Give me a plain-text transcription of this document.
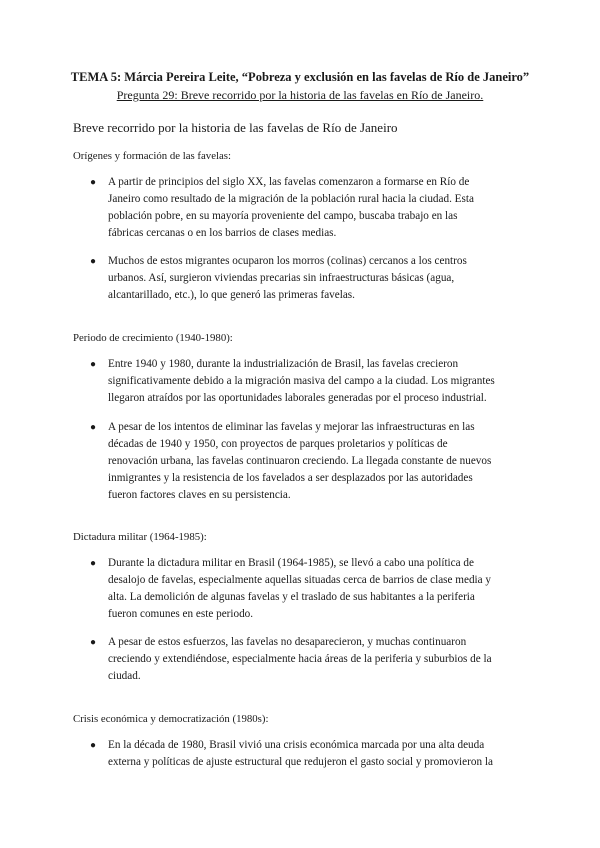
TEMA 5: Márcia Pereira Leite, “Pobreza y exclusión en las favelas de Río de Janeiro”
Pregunta 29: Breve recorrido por la historia de las favelas en Río de Janeiro.
Breve recorrido por la historia de las favelas de Río de Janeiro
Orígenes y formación de las favelas:
● A partir de principios del siglo XX, las favelas comenzaron a formarse en Río de
Janeiro como resultado de la migración de la población rural hacia la ciudad. Esta
población pobre, en su mayoría proveniente del campo, buscaba trabajo en las
fábricas cercanas o en los barrios de clases medias.
● Muchos de estos migrantes ocuparon los morros (colinas) cercanos a los centros
urbanos. Así, surgieron viviendas precarias sin infraestructuras básicas (agua,
alcantarillado, etc.), lo que generó las primeras favelas.
Periodo de crecimiento (1940-1980):
● Entre 1940 y 1980, durante la industrialización de Brasil, las favelas crecieron
significativamente debido a la migración masiva del campo a la ciudad. Los migrantes
llegaron atraídos por las oportunidades laborales generadas por el proceso industrial.
● A pesar de los intentos de eliminar las favelas y mejorar las infraestructuras en las
décadas de 1940 y 1950, con proyectos de parques proletarios y políticas de
renovación urbana, las favelas continuaron creciendo. La llegada constante de nuevos
inmigrantes y la resistencia de los favelados a ser desplazados por las autoridades
fueron factores claves en su persistencia.
Dictadura militar (1964-1985):
● Durante la dictadura militar en Brasil (1964-1985), se llevó a cabo una política de
desalojo de favelas, especialmente aquellas situadas cerca de barrios de clase media y
alta. La demolición de algunas favelas y el traslado de sus habitantes a la periferia
fueron comunes en este periodo.
● A pesar de estos esfuerzos, las favelas no desaparecieron, y muchas continuaron
creciendo y extendiéndose, especialmente hacia áreas de la periferia y suburbios de la
ciudad.
Crisis económica y democratización (1980s):
● En la década de 1980, Brasil vivió una crisis económica marcada por una alta deuda
externa y políticas de ajuste estructural que redujeron el gasto social y promovieron la
